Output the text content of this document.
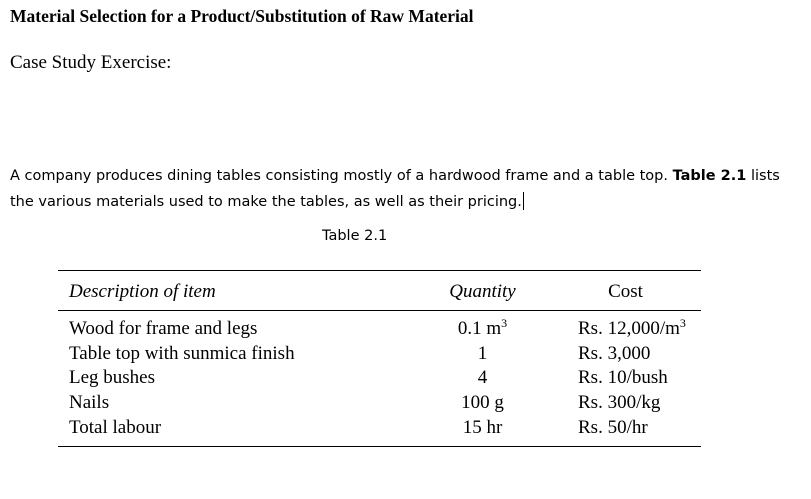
Material Selection for a Product/Substitution of Raw Material
Case Study Exercise:
A company produces dining tables consisting mostly of a hardwood frame and a table top. Table 2.1 lists the various materials used to make the tables, as well as their pricing.
Table 2.1
Description of item	Quantity	Cost
Wood for frame and legs	0.1 $m^3$	Rs. $12,000/m^3$
Table top with sunmica finish	1	Rs. 3,000
Leg bushes	4	Rs. 10/bush
Nails	100 g	Rs. 300/kg
Total labour	15 hr	Rs. 50/hr
